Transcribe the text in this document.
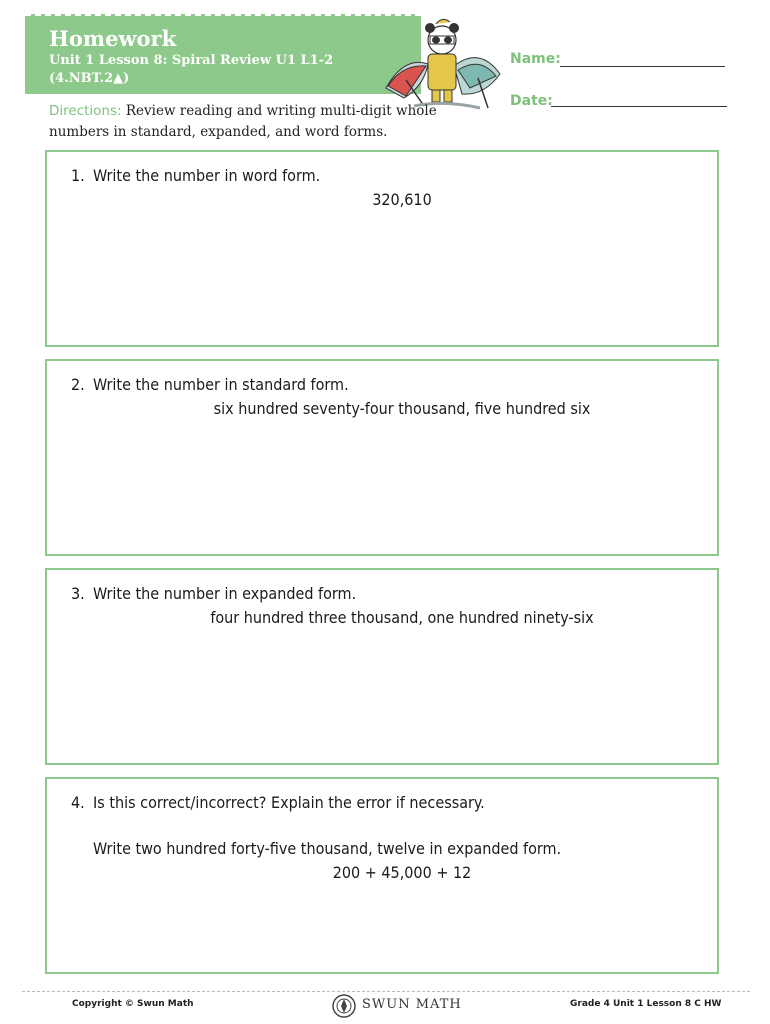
Homework
Unit 1 Lesson 8: Spiral Review U1 L1-2 (4.NBT.2▲)
Name:
Date:
Directions: Review reading and writing multi-digit whole numbers in standard, expanded, and word forms.
1. Write the number in word form.
320,610
2. Write the number in standard form.
six hundred seventy-four thousand, five hundred six
3. Write the number in expanded form.
four hundred three thousand, one hundred ninety-six
4. Is this correct/incorrect? Explain the error if necessary.
Write two hundred forty-five thousand, twelve in expanded form.
200 + 45,000 + 12
Copyright © Swun Math	SWUN MATH	Grade 4 Unit 1 Lesson 8 C HW
